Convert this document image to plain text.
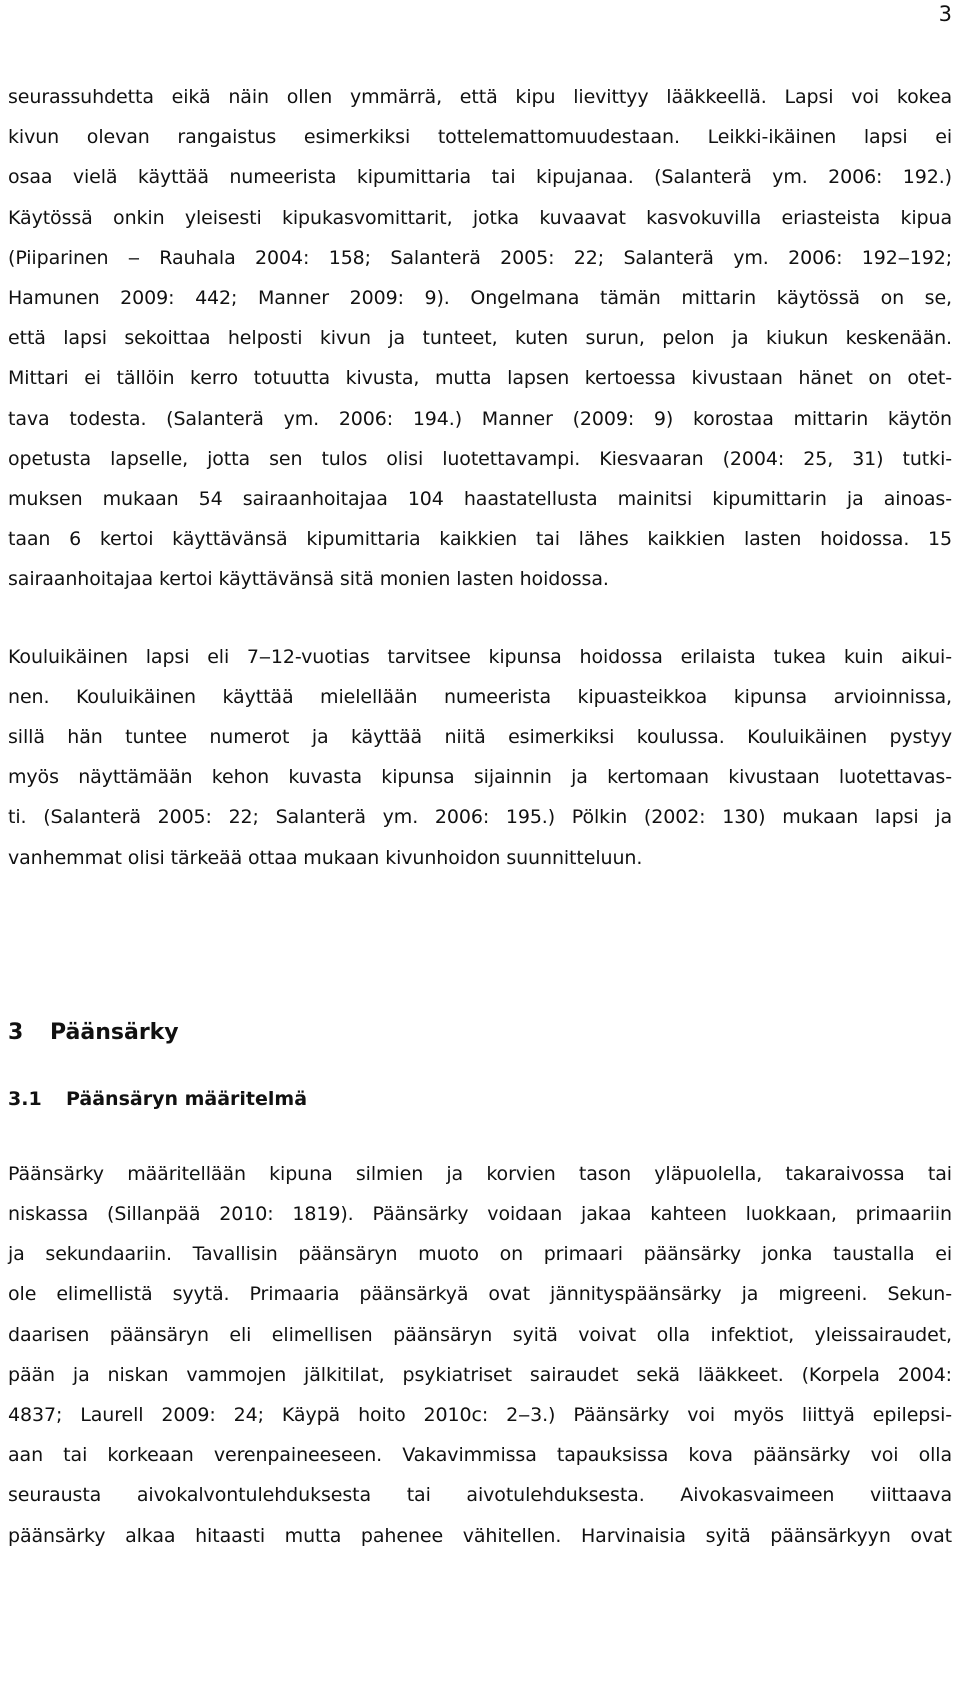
3
seurassuhdetta eikä näin ollen ymmärrä, että kipu lievittyy lääkkeellä. Lapsi voi kokea
kivun olevan rangaistus esimerkiksi tottelemattomuudestaan. Leikki-ikäinen lapsi ei
osaa vielä käyttää numeerista kipumittaria tai kipujanaa. (Salanterä ym. 2006: 192.)
Käytössä onkin yleisesti kipukasvomittarit, jotka kuvaavat kasvokuvilla eriasteista kipua
(Piiparinen ‒ Rauhala 2004: 158; Salanterä 2005: 22; Salanterä ym. 2006: 192‒192;
Hamunen 2009: 442; Manner 2009: 9). Ongelmana tämän mittarin käytössä on se,
että lapsi sekoittaa helposti kivun ja tunteet, kuten surun, pelon ja kiukun keskenään.
Mittari ei tällöin kerro totuutta kivusta, mutta lapsen kertoessa kivustaan hänet on otet-
tava todesta. (Salanterä ym. 2006: 194.) Manner (2009: 9) korostaa mittarin käytön
opetusta lapselle, jotta sen tulos olisi luotettavampi. Kiesvaaran (2004: 25, 31) tutki-
muksen mukaan 54 sairaanhoitajaa 104 haastatellusta mainitsi kipumittarin ja ainoas-
taan 6 kertoi käyttävänsä kipumittaria kaikkien tai lähes kaikkien lasten hoidossa. 15
sairaanhoitajaa kertoi käyttävänsä sitä monien lasten hoidossa.
Kouluikäinen lapsi eli 7‒12-vuotias tarvitsee kipunsa hoidossa erilaista tukea kuin aikui-
nen. Kouluikäinen käyttää mielellään numeerista kipuasteikkoa kipunsa arvioinnissa,
sillä hän tuntee numerot ja käyttää niitä esimerkiksi koulussa. Kouluikäinen pystyy
myös näyttämään kehon kuvasta kipunsa sijainnin ja kertomaan kivustaan luotettavas-
ti. (Salanterä 2005: 22; Salanterä ym. 2006: 195.) Pölkin (2002: 130) mukaan lapsi ja
vanhemmat olisi tärkeää ottaa mukaan kivunhoidon suunnitteluun.
3 Päänsärky
3.1 Päänsäryn määritelmä
Päänsärky määritellään kipuna silmien ja korvien tason yläpuolella, takaraivossa tai
niskassa (Sillanpää 2010: 1819). Päänsärky voidaan jakaa kahteen luokkaan, primaariin
ja sekundaariin. Tavallisin päänsäryn muoto on primaari päänsärky jonka taustalla ei
ole elimellistä syytä. Primaaria päänsärkyä ovat jännityspäänsärky ja migreeni. Sekun-
daarisen päänsäryn eli elimellisen päänsäryn syitä voivat olla infektiot, yleissairaudet,
pään ja niskan vammojen jälkitilat, psykiatriset sairaudet sekä lääkkeet. (Korpela 2004:
4837; Laurell 2009: 24; Käypä hoito 2010c: 2‒3.) Päänsärky voi myös liittyä epilepsi-
aan tai korkeaan verenpaineeseen. Vakavimmissa tapauksissa kova päänsärky voi olla
seurausta aivokalvontulehduksesta tai aivotulehduksesta. Aivokasvaimeen viittaava
päänsärky alkaa hitaasti mutta pahenee vähitellen. Harvinaisia syitä päänsärkyyn ovat
